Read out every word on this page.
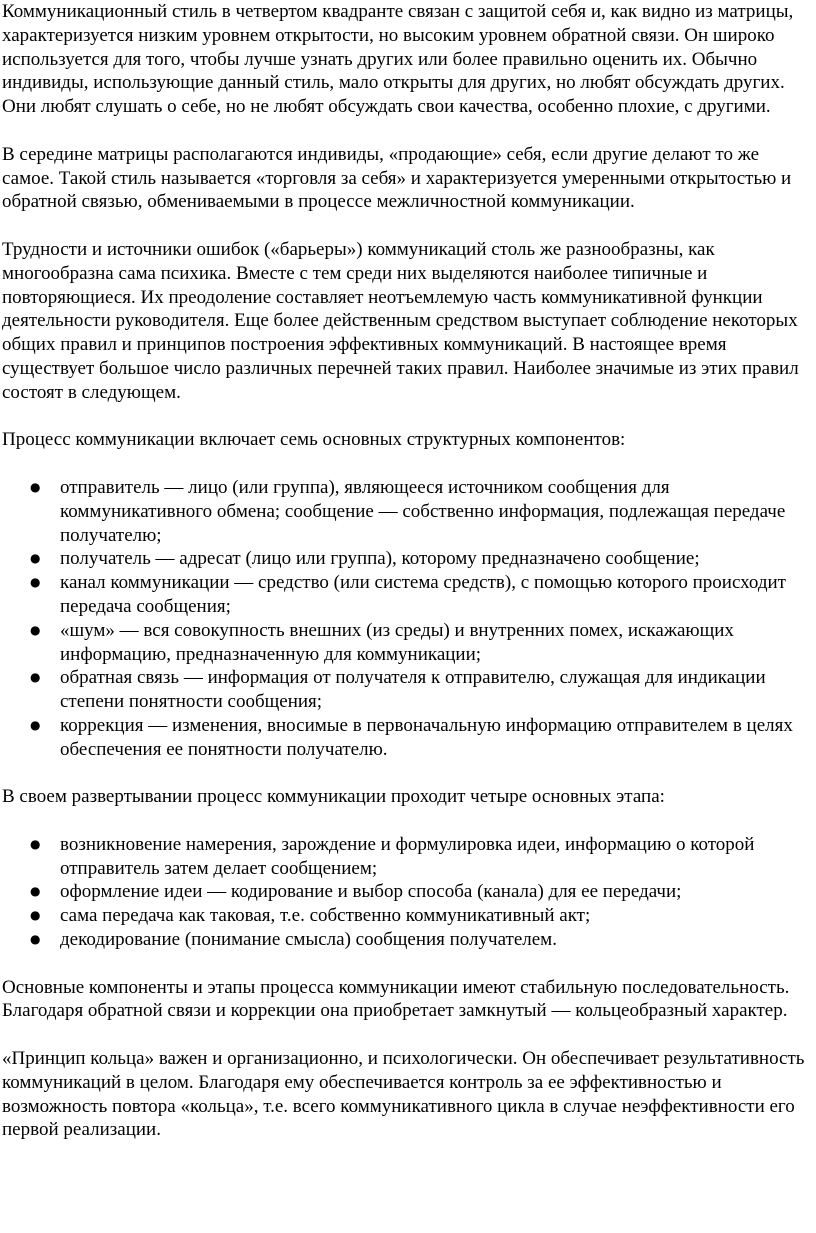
Коммуникационный стиль в четвертом квадранте связан с защитой себя и, как видно из матрицы, характеризуется низким уровнем открытости, но высоким уровнем обратной связи. Он широко используется для того, чтобы лучше узнать других или более правильно оценить их. Обычно индивиды, использующие данный стиль, мало открыты для других, но любят обсуждать других. Они любят слушать о себе, но не любят обсуждать свои качества, особенно плохие, с другими.

В середине матрицы располагаются индивиды, «продающие» себя, если другие делают то же самое. Такой стиль называется «торговля за себя» и характеризуется умеренными открытостью и обратной связью, обмениваемыми в процессе межличностной коммуникации.

Трудности и источники ошибок («барьеры») коммуникаций столь же разнообразны, как многообразна сама психика. Вместе с тем среди них выделяются наиболее типичные и повторяющиеся. Их преодоление составляет неотъемлемую часть коммуникативной функции деятельности руководителя. Еще более действенным средством выступает соблюдение некоторых общих правил и принципов построения эффективных коммуникаций. В настоящее время существует большое число различных перечней таких правил. Наиболее значимые из этих правил состоят в следующем.

Процесс коммуникации включает семь основных структурных компонентов:

● отправитель — лицо (или группа), являющееся источником сообщения для коммуникативного обмена; сообщение — собственно информация, подлежащая передаче получателю;
● получатель — адресат (лицо или группа), которому предназначено сообщение;
● канал коммуникации — средство (или система средств), с помощью которого происходит передача сообщения;
● «шум» — вся совокупность внешних (из среды) и внутренних помех, искажающих информацию, предназначенную для коммуникации;
● обратная связь — информация от получателя к отправителю, служащая для индикации степени понятности сообщения;
● коррекция — изменения, вносимые в первоначальную информацию отправителем в целях обеспечения ее понятности получателю.

В своем развертывании процесс коммуникации проходит четыре основных этапа:

● возникновение намерения, зарождение и формулировка идеи, информацию о которой отправитель затем делает сообщением;
● оформление идеи — кодирование и выбор способа (канала) для ее передачи;
● сама передача как таковая, т.е. собственно коммуникативный акт;
● декодирование (понимание смысла) сообщения получателем.

Основные компоненты и этапы процесса коммуникации имеют стабильную последовательность. Благодаря обратной связи и коррекции она приобретает замкнутый — кольцеобразный характер.

«Принцип кольца» важен и организационно, и психологически. Он обеспечивает результативность коммуникаций в целом. Благодаря ему обеспечивается контроль за ее эффективностью и возможность повтора «кольца», т.е. всего коммуникативного цикла в случае неэффективности его первой реализации.
